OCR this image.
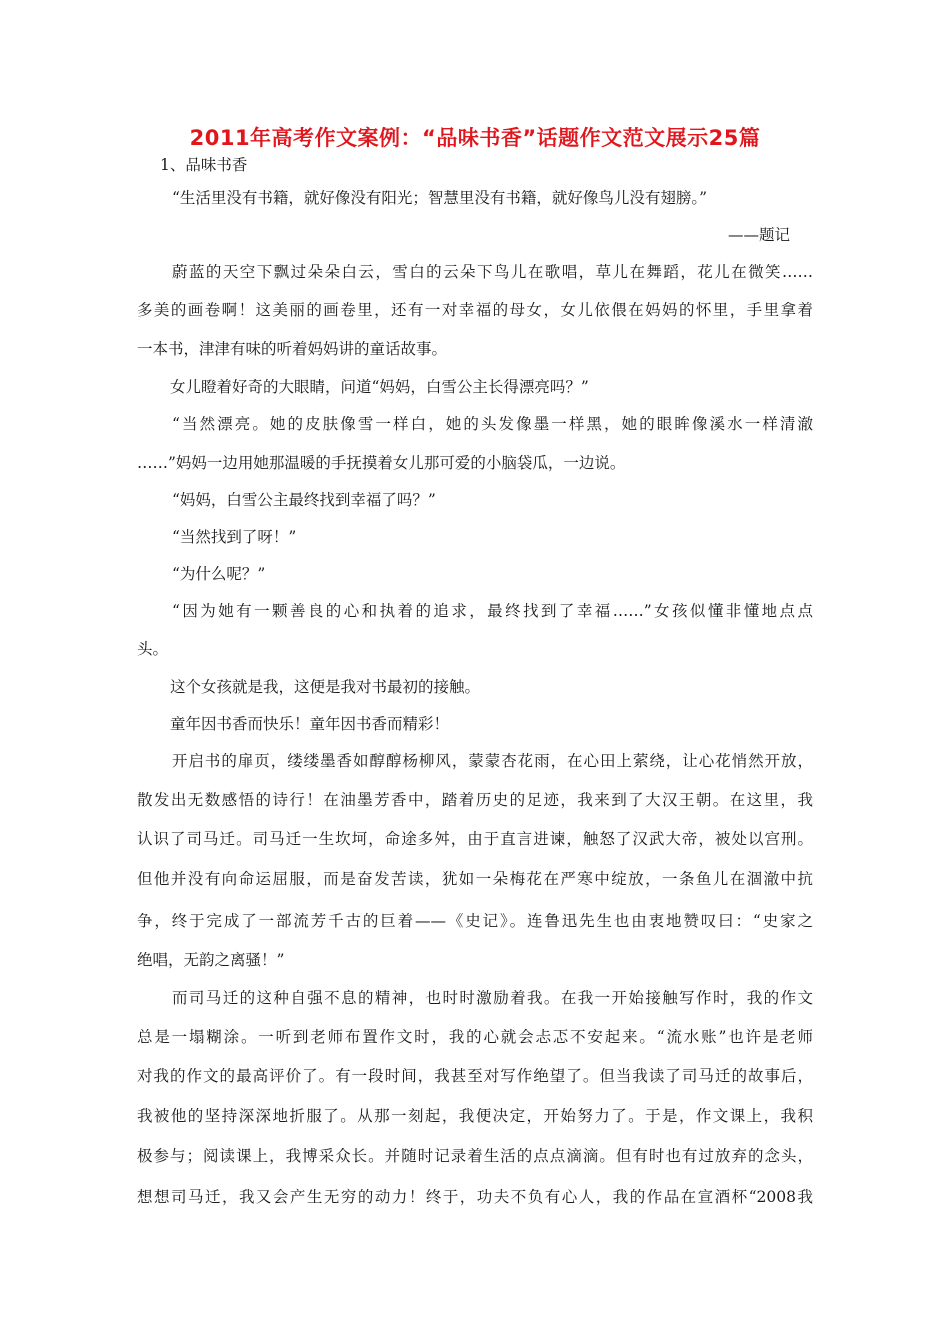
2011年高考作文案例：“品味书香”话题作文范文展示25篇
1、品味书香
“生活里没有书籍，就好像没有阳光；智慧里没有书籍，就好像鸟儿没有翅膀。”
——题记
蔚蓝的天空下飘过朵朵白云，雪白的云朵下鸟儿在歌唱，草儿在舞蹈，花儿在微笑……
多美的画卷啊！这美丽的画卷里，还有一对幸福的母女，女儿依偎在妈妈的怀里，手里拿着
一本书，津津有味的听着妈妈讲的童话故事。
女儿瞪着好奇的大眼睛，问道“妈妈，白雪公主长得漂亮吗？”
“当然漂亮。她的皮肤像雪一样白，她的头发像墨一样黑，她的眼眸像溪水一样清澈
……”妈妈一边用她那温暖的手抚摸着女儿那可爱的小脑袋瓜，一边说。
“妈妈，白雪公主最终找到幸福了吗？”
“当然找到了呀！”
“为什么呢？”
“因为她有一颗善良的心和执着的追求，最终找到了幸福……”女孩似懂非懂地点点
头。
这个女孩就是我，这便是我对书最初的接触。
童年因书香而快乐！童年因书香而精彩！
开启书的扉页，缕缕墨香如醇醇杨柳风，蒙蒙杏花雨，在心田上萦绕，让心花悄然开放，
散发出无数感悟的诗行！在油墨芳香中，踏着历史的足迹，我来到了大汉王朝。在这里，我
认识了司马迁。司马迁一生坎坷，命途多舛，由于直言进谏，触怒了汉武大帝，被处以宫刑。
但他并没有向命运屈服，而是奋发苦读，犹如一朵梅花在严寒中绽放，一条鱼儿在涸澈中抗
争，终于完成了一部流芳千古的巨着——《史记》。连鲁迅先生也由衷地赞叹曰：“史家之
绝唱，无韵之离骚！”
而司马迁的这种自强不息的精神，也时时激励着我。在我一开始接触写作时，我的作文
总是一塌糊涂。一听到老师布置作文时，我的心就会忐忑不安起来。“流水账”也许是老师
对我的作文的最高评价了。有一段时间，我甚至对写作绝望了。但当我读了司马迁的故事后，
我被他的坚持深深地折服了。从那一刻起，我便决定，开始努力了。于是，作文课上，我积
极参与；阅读课上，我博采众长。并随时记录着生活的点点滴滴。但有时也有过放弃的念头，
想想司马迁，我又会产生无穷的动力！终于，功夫不负有心人，我的作品在宣酒杯“2008我
